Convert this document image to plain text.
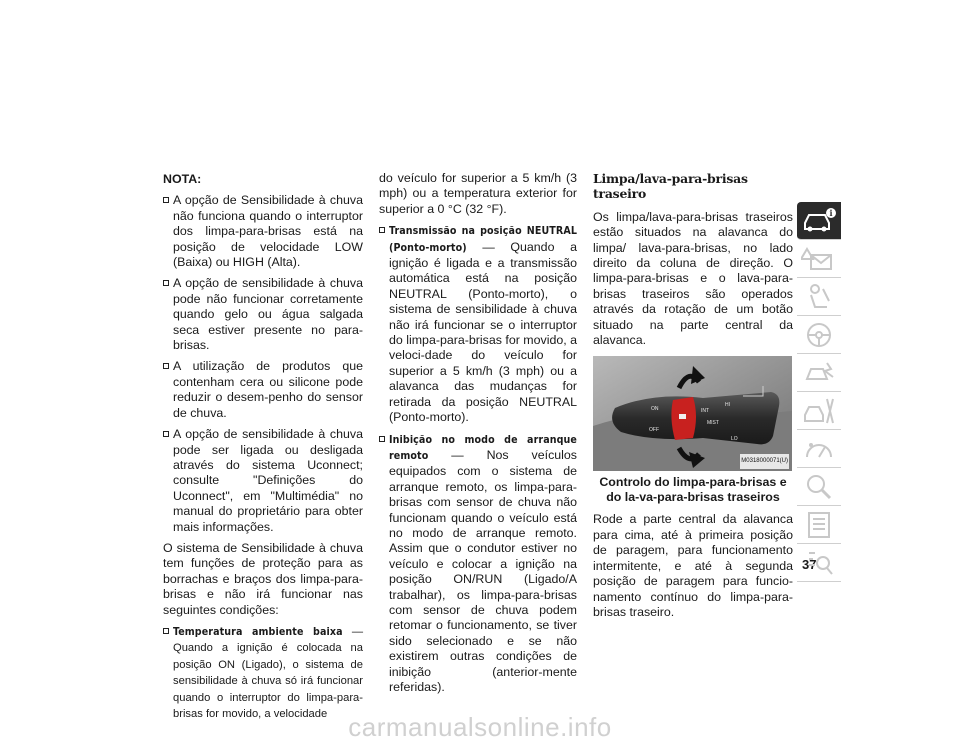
NOTA:
A opção de Sensibilidade à chuva não funciona quando o interruptor dos limpa-para-brisas está na posição de velocidade LOW (Baixa) ou HIGH (Alta).
A opção de sensibilidade à chuva pode não funcionar corretamente quando gelo ou água salgada seca estiver presente no para-brisas.
A utilização de produtos que contenham cera ou silicone pode reduzir o desem-penho do sensor de chuva.
A opção de sensibilidade à chuva pode ser ligada ou desligada através do sistema Uconnect; consulte "Definições do Uconnect", em "Multimédia" no manual do proprietário para obter mais informações.

O sistema de Sensibilidade à chuva tem funções de proteção para as borrachas e braços dos limpa-para-brisas e não irá funcionar nas seguintes condições:

Temperatura ambiente baixa — Quando a ignição é colocada na posição ON (Ligado), o sistema de sensibilidade à chuva só irá funcionar quando o interruptor do limpa-para-brisas for movido, a velocidade
do veículo for superior a 5 km/h (3 mph) ou a temperatura exterior for superior a 0 °C (32 °F).
Transmissão na posição NEUTRAL (Ponto-morto) — Quando a ignição é ligada e a transmissão automática está na posição NEUTRAL (Ponto-morto), o sistema de sensibilidade à chuva não irá funcionar se o interruptor do limpa-para-brisas for movido, a veloci-dade do veículo for superior a 5 km/h (3 mph) ou a alavanca das mudanças for retirada da posição NEUTRAL (Ponto-morto).
Inibição no modo de arranque remoto — Nos veículos equipados com o sistema de arranque remoto, os limpa-para-brisas com sensor de chuva não funcionam quando o veículo está no modo de arranque remoto. Assim que o condutor estiver no veículo e colocar a ignição na posição ON/RUN (Ligado/A trabalhar), os limpa-para-brisas com sensor de chuva podem retomar o funcionamento, se tiver sido selecionado e se não existirem outras condições de inibição (anterior-mente referidas).
Limpa/lava-para-brisas traseiro

Os limpa/lava-para-brisas traseiros estão situados na alavanca do limpa/ lava-para-brisas, no lado direito da coluna de direção. O limpa-para-brisas e o lava-para-brisas traseiros são operados através da rotação de um botão situado na parte central da alavanca.

ON
OFF
INT
MIST
HI
LO
M0318000071(U)
Controlo do limpa-para-brisas e do la-va-para-brisas traseiros

Rode a parte central da alavanca para cima, até à primeira posição de paragem, para funcionamento intermitente, e até à segunda posição de paragem para funcio-namento contínuo do limpa-para-brisas traseiro.

37
i
carmanualsonline.info
